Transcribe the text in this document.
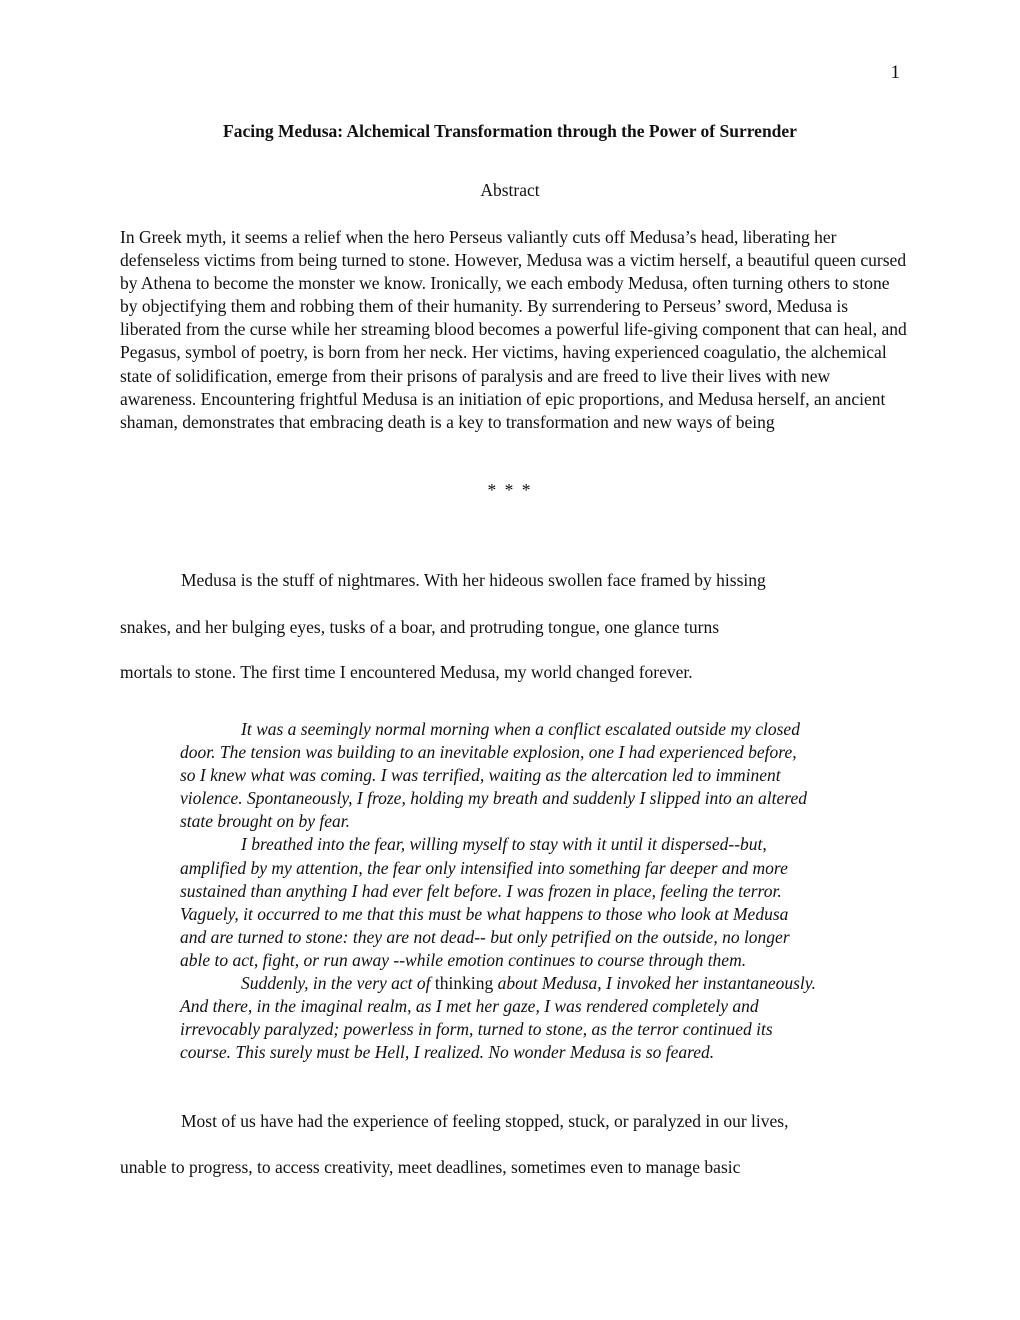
1
Facing Medusa: Alchemical Transformation through the Power of Surrender
Abstract

In Greek myth, it seems a relief when the hero Perseus valiantly cuts off Medusa’s head, liberating her defenseless victims from being turned to stone. However, Medusa was a victim herself, a beautiful queen cursed by Athena to become the monster we know. Ironically, we each embody Medusa, often turning others to stone by objectifying them and robbing them of their humanity. By surrendering to Perseus’ sword, Medusa is liberated from the curse while her streaming blood becomes a powerful life-giving component that can heal, and Pegasus, symbol of poetry, is born from her neck. Her victims, having experienced coagulatio, the alchemical state of solidification, emerge from their prisons of paralysis and are freed to live their lives with new awareness. Encountering frightful Medusa is an initiation of epic proportions, and Medusa herself, an ancient shaman, demonstrates that embracing death is a key to transformation and new ways of being

* * *
Medusa is the stuff of nightmares. With her hideous swollen face framed by hissing
snakes, and her bulging eyes, tusks of a boar, and protruding tongue, one glance turns
mortals to stone. The first time I encountered Medusa, my world changed forever.
It was a seemingly normal morning when a conflict escalated outside my closed
door. The tension was building to an inevitable explosion, one I had experienced before,
so I knew what was coming. I was terrified, waiting as the altercation led to imminent
violence. Spontaneously, I froze, holding my breath and suddenly I slipped into an altered
state brought on by fear.
I breathed into the fear, willing myself to stay with it until it dispersed--but,
amplified by my attention, the fear only intensified into something far deeper and more
sustained than anything I had ever felt before. I was frozen in place, feeling the terror.
Vaguely, it occurred to me that this must be what happens to those who look at Medusa
and are turned to stone: they are not dead-- but only petrified on the outside, no longer
able to act, fight, or run away --while emotion continues to course through them.
Suddenly, in the very act of thinking about Medusa, I invoked her instantaneously.
And there, in the imaginal realm, as I met her gaze, I was rendered completely and
irrevocably paralyzed; powerless in form, turned to stone, as the terror continued its
course. This surely must be Hell, I realized. No wonder Medusa is so feared.
Most of us have had the experience of feeling stopped, stuck, or paralyzed in our lives,
unable to progress, to access creativity, meet deadlines, sometimes even to manage basic
